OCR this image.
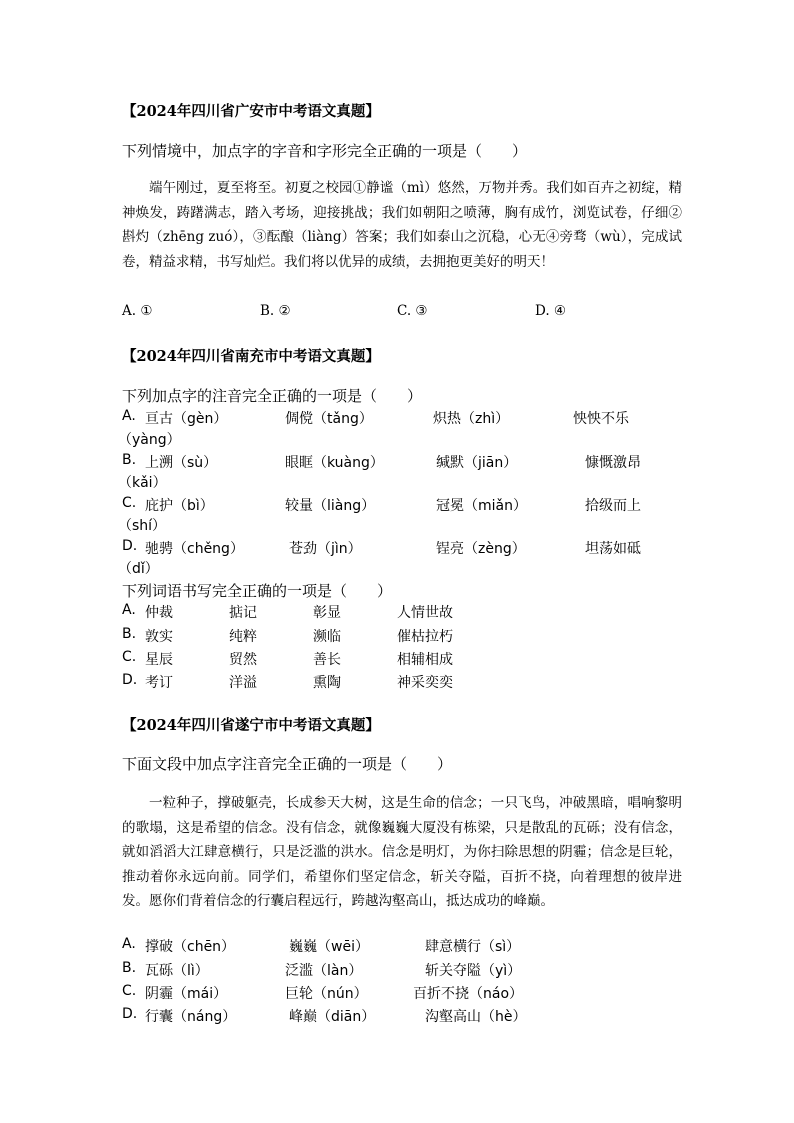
【2024年四川省广安市中考语文真题】
下列情境中，加点字的字音和字形完全正确的一项是（　　）
端午刚过，夏至将至。初夏之校园①静谧（mì）悠然，万物并秀。我们如百卉之初绽，精神焕发，踌躇满志，踏入考场，迎接挑战；我们如朝阳之喷薄，胸有成竹，浏览试卷，仔细②斟灼（zhēng zuó），③酝酿（liàng）答案；我们如泰山之沉稳，心无④旁骛（wù），完成试卷，精益求精，书写灿烂。我们将以优异的成绩，去拥抱更美好的明天！
A. ①	B. ②	C. ③	D. ④
【2024年四川省南充市中考语文真题】
下列加点字的注音完全正确的一项是（　　）
A. 亘古（gèn）	倜傥（tǎng）	炽热（zhì）	怏怏不乐
（yàng）
B. 上溯（sù）	眼眶（kuàng）	缄默（jiān）	慷慨激昂
（kǎi）
C. 庇护（bì）	较量（liàng）	冠冕（miǎn）	拾级而上
（shí）
D. 驰骋（chěng）	苍劲（jìn）	锃亮（zèng）	坦荡如砥
（dǐ）
下列词语书写完全正确的一项是（　　）
A. 仲裁	掂记	彰显	人情世故
B. 敦实	纯粹	濒临	催枯拉朽
C. 星辰	贸然	善长	相辅相成
D. 考订	洋溢	熏陶	神采奕奕
【2024年四川省遂宁市中考语文真题】
下面文段中加点字注音完全正确的一项是（　　）
一粒种子，撑破躯壳，长成参天大树，这是生命的信念；一只飞鸟，冲破黑暗，唱响黎明的歌塌，这是希望的信念。没有信念，就像巍巍大厦没有栋梁，只是散乱的瓦砾；没有信念，就如滔滔大江肆意横行，只是泛滥的洪水。信念是明灯，为你扫除思想的阴霾；信念是巨轮，推动着你永远向前。同学们，希望你们坚定信念，斩关夺隘，百折不挠，向着理想的彼岸进发。愿你们背着信念的行囊启程远行，跨越沟壑高山，抵达成功的峰巅。
A. 撑破（chēn）	巍巍（wēi）	肆意横行（sì）
B. 瓦砾（lì）	泛滥（làn）	斩关夺隘（yì）
C. 阴霾（mái）	巨轮（nún）	百折不挠（náo）
D. 行囊（náng）	峰巅（diān）	沟壑高山（hè）
